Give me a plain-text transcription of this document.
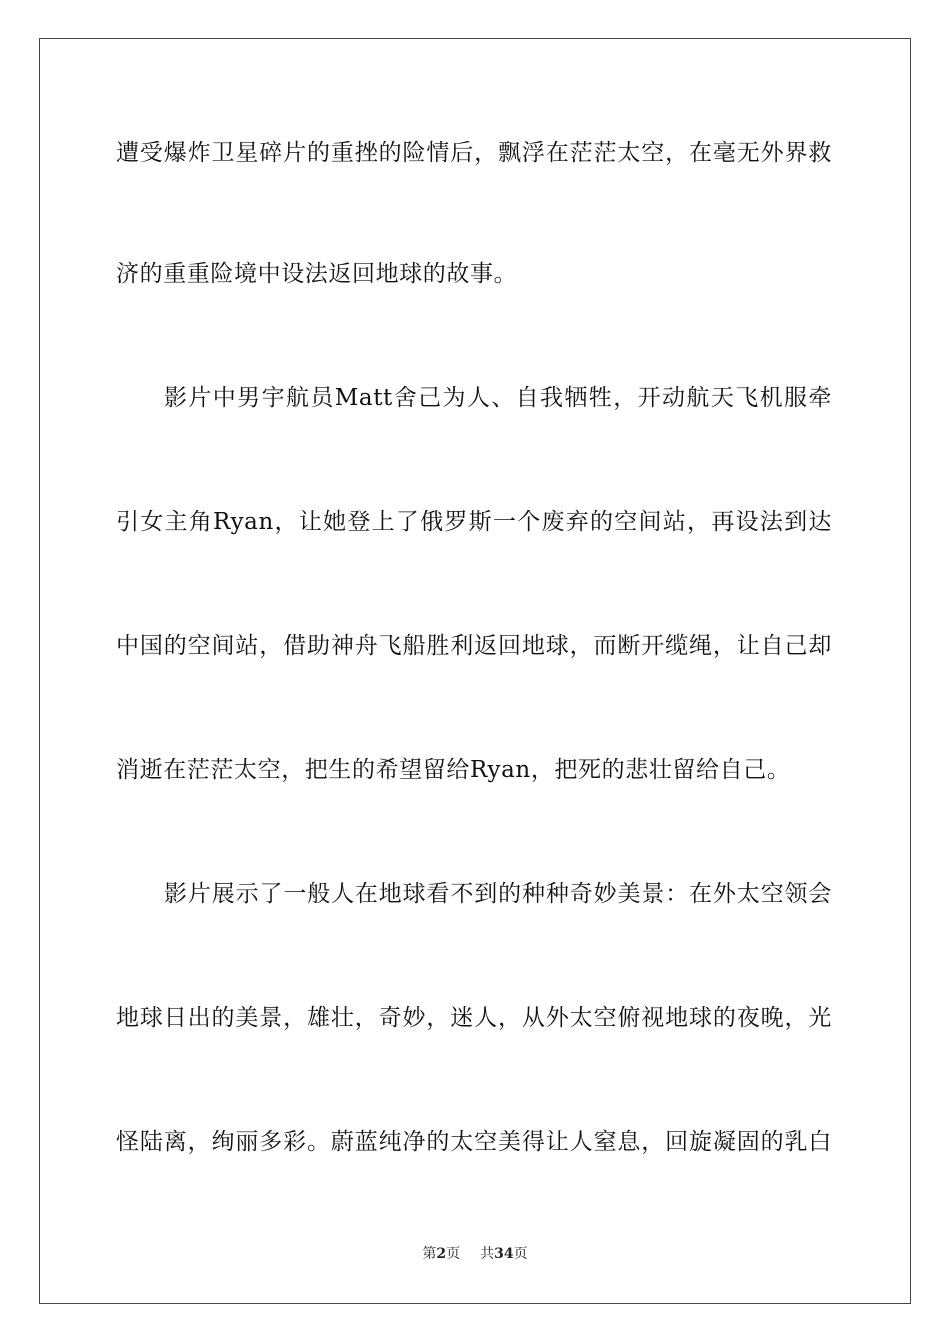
遭受爆炸卫星碎片的重挫的险情后，飘浮在茫茫太空，在毫无外界救
济的重重险境中设法返回地球的故事。
影片中男宇航员Matt舍己为人、自我牺牲，开动航天飞机服牵
引女主角Ryan，让她登上了俄罗斯一个废弃的空间站，再设法到达
中国的空间站，借助神舟飞船胜利返回地球，而断开缆绳，让自己却
消逝在茫茫太空，把生的希望留给Ryan，把死的悲壮留给自己。
影片展示了一般人在地球看不到的种种奇妙美景：在外太空领会
地球日出的美景，雄壮，奇妙，迷人，从外太空俯视地球的夜晚，光
怪陆离，绚丽多彩。蔚蓝纯净的太空美得让人窒息，回旋凝固的乳白
第2页 共34页
